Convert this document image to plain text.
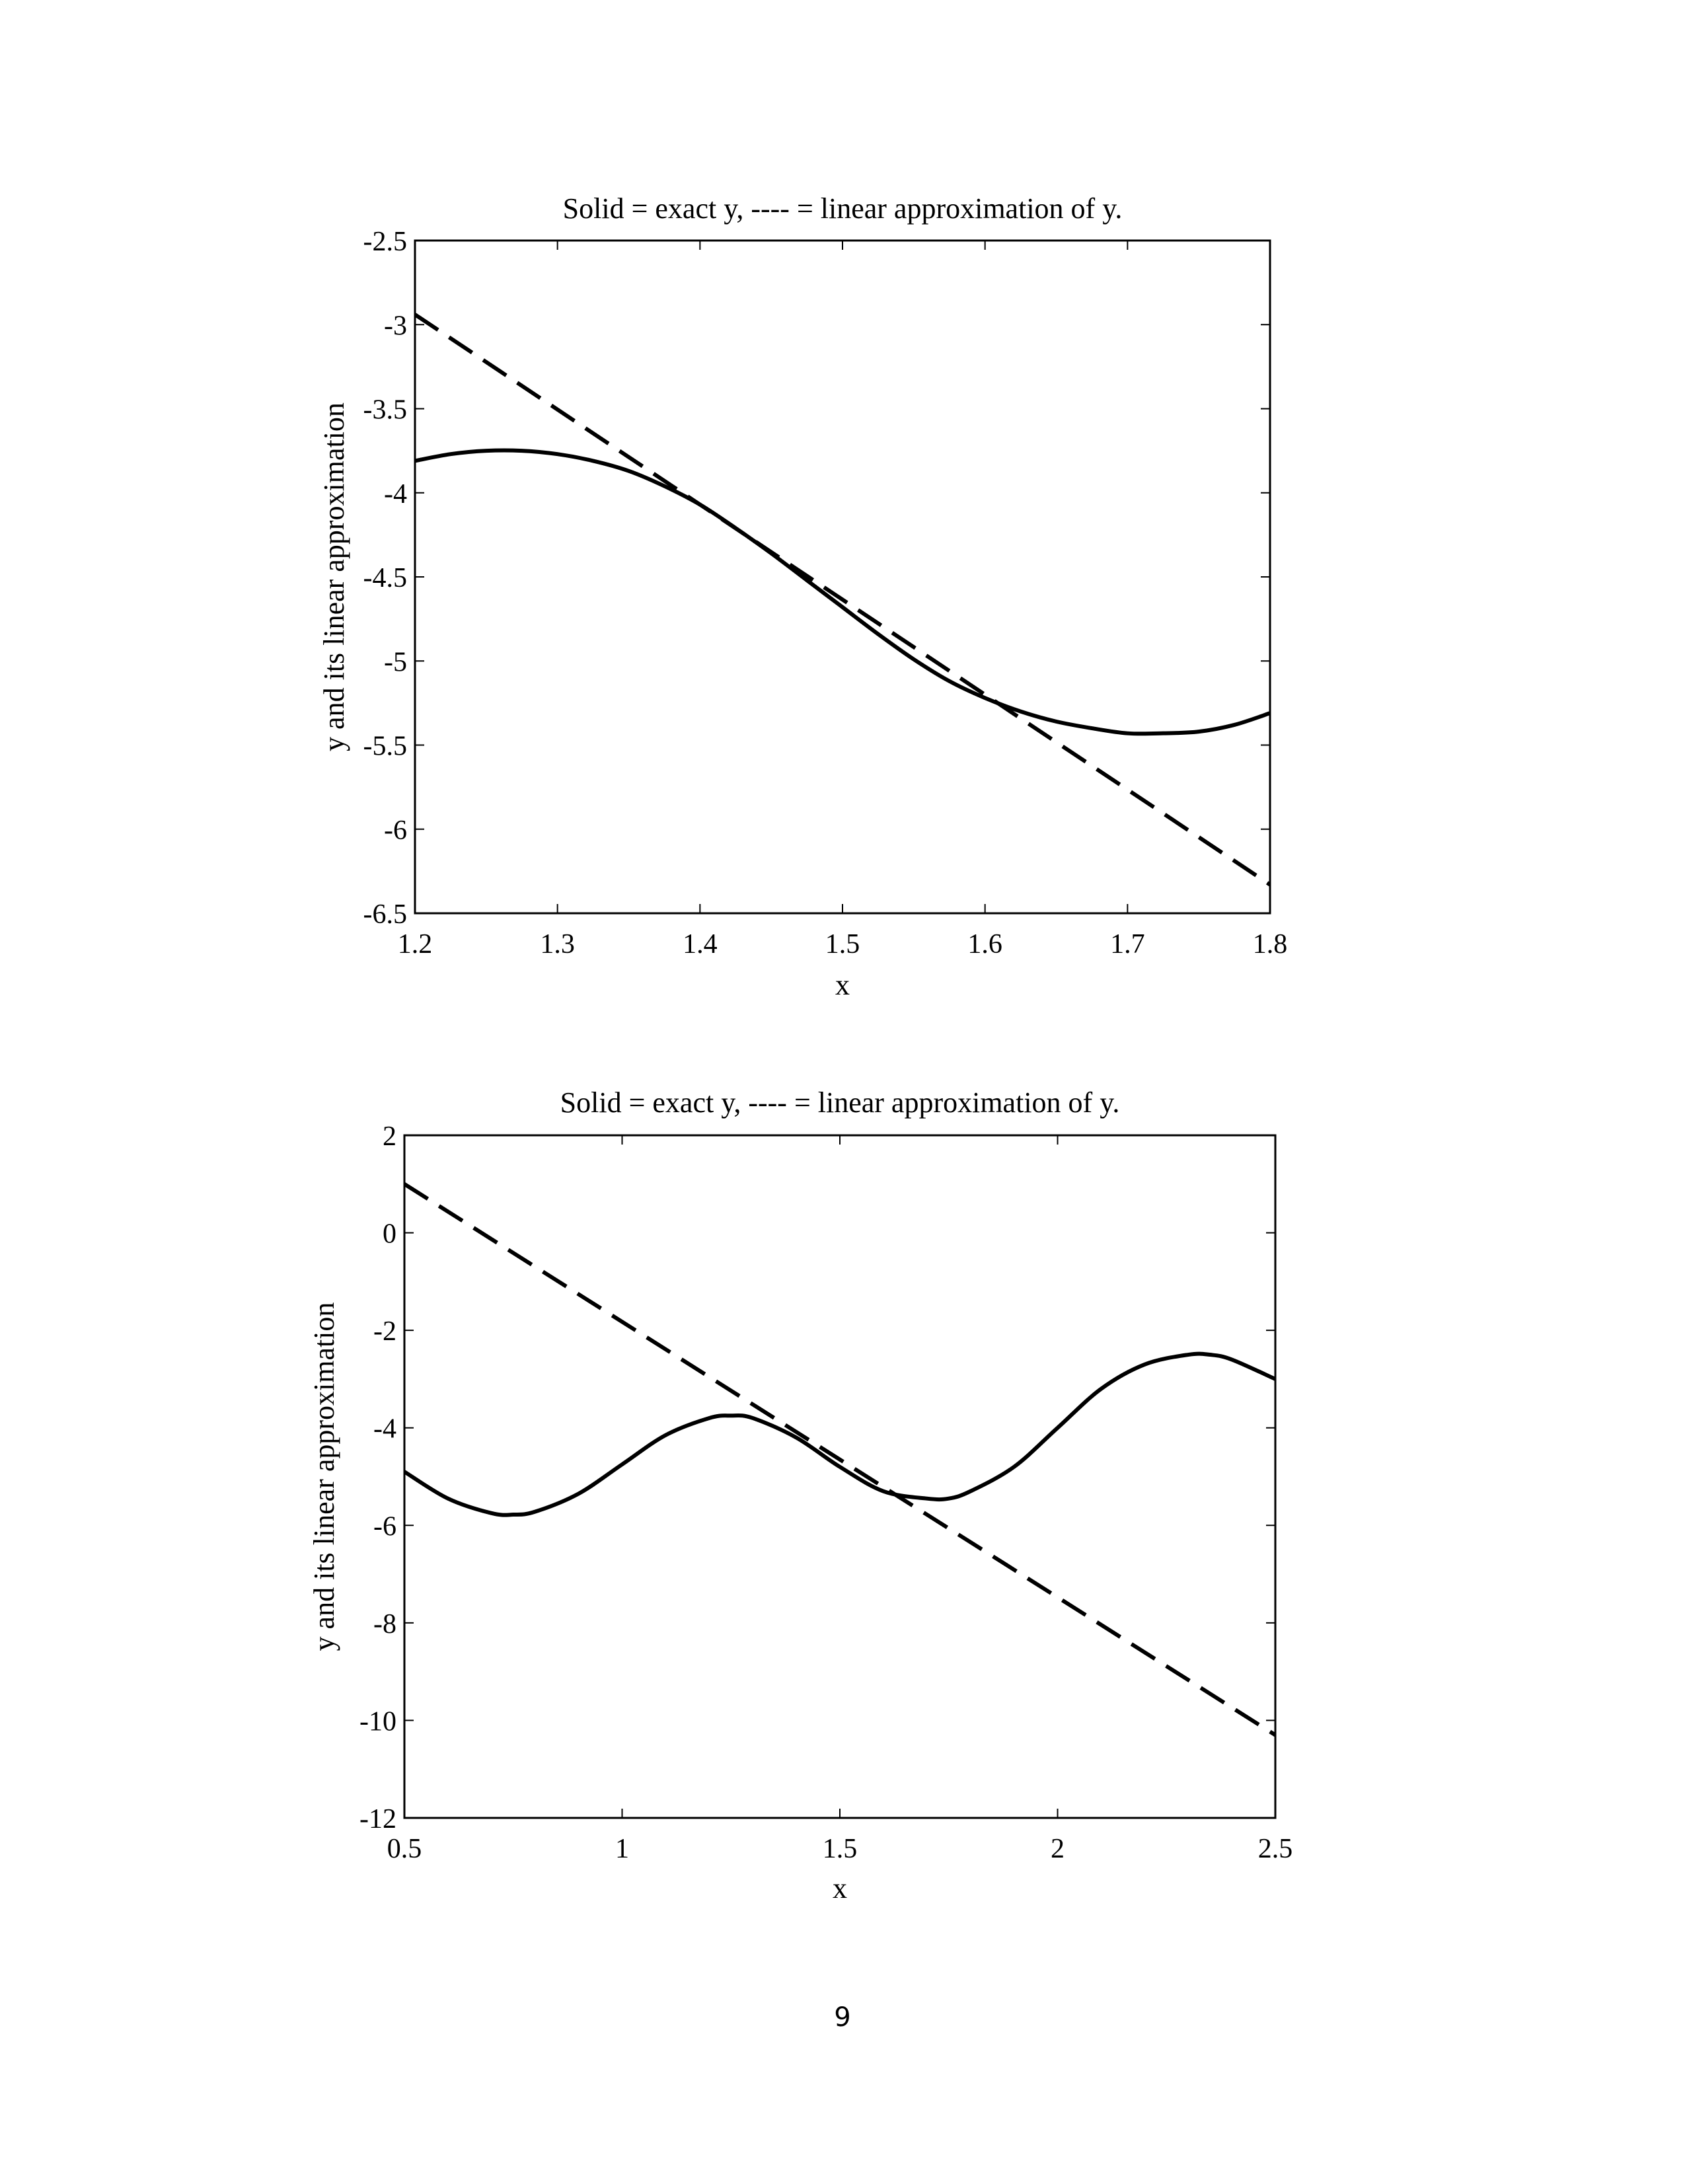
Solid = exact y, ---- = linear approximation of y.
1.2	1.3	1.4	1.5	1.6	1.7	1.8
-2.5
-3
-3.5
-4
-4.5
-5
-5.5
-6
-6.5
x
y and its linear approximation
Solid = exact y, ---- = linear approximation of y.
0.5	1	1.5	2	2.5
2
0
-2
-4
-6
-8
-10
-12
x
y and its linear approximation
9
